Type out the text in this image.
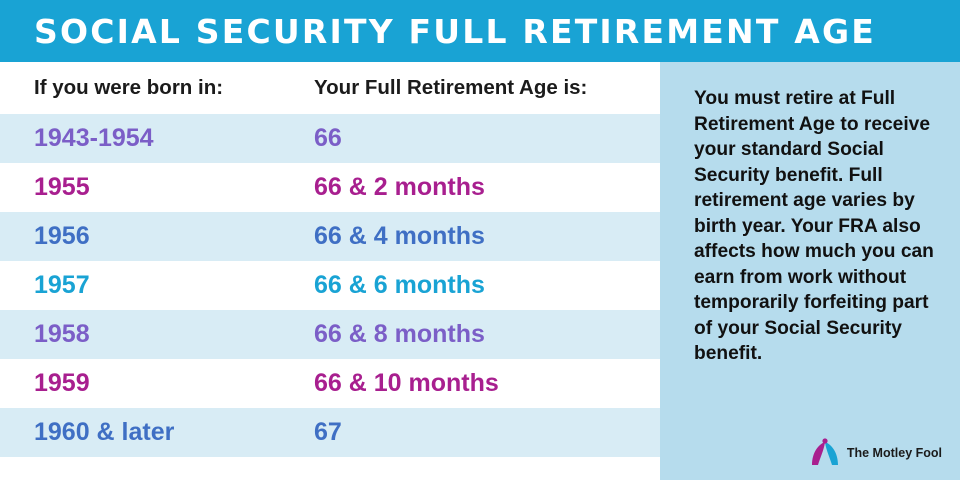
SOCIAL SECURITY FULL RETIREMENT AGE
If you were born in:	Your Full Retirement Age is:
1943-1954	66
1955	66 & 2 months
1956	66 & 4 months
1957	66 & 6 months
1958	66 & 8 months
1959	66 & 10 months
1960 & later	67
You must retire at Full Retirement Age to receive your standard Social Security benefit. Full retirement age varies by birth year. Your FRA also affects how much you can earn from work without temporarily forfeiting part of your Social Security benefit.
The Motley Fool
